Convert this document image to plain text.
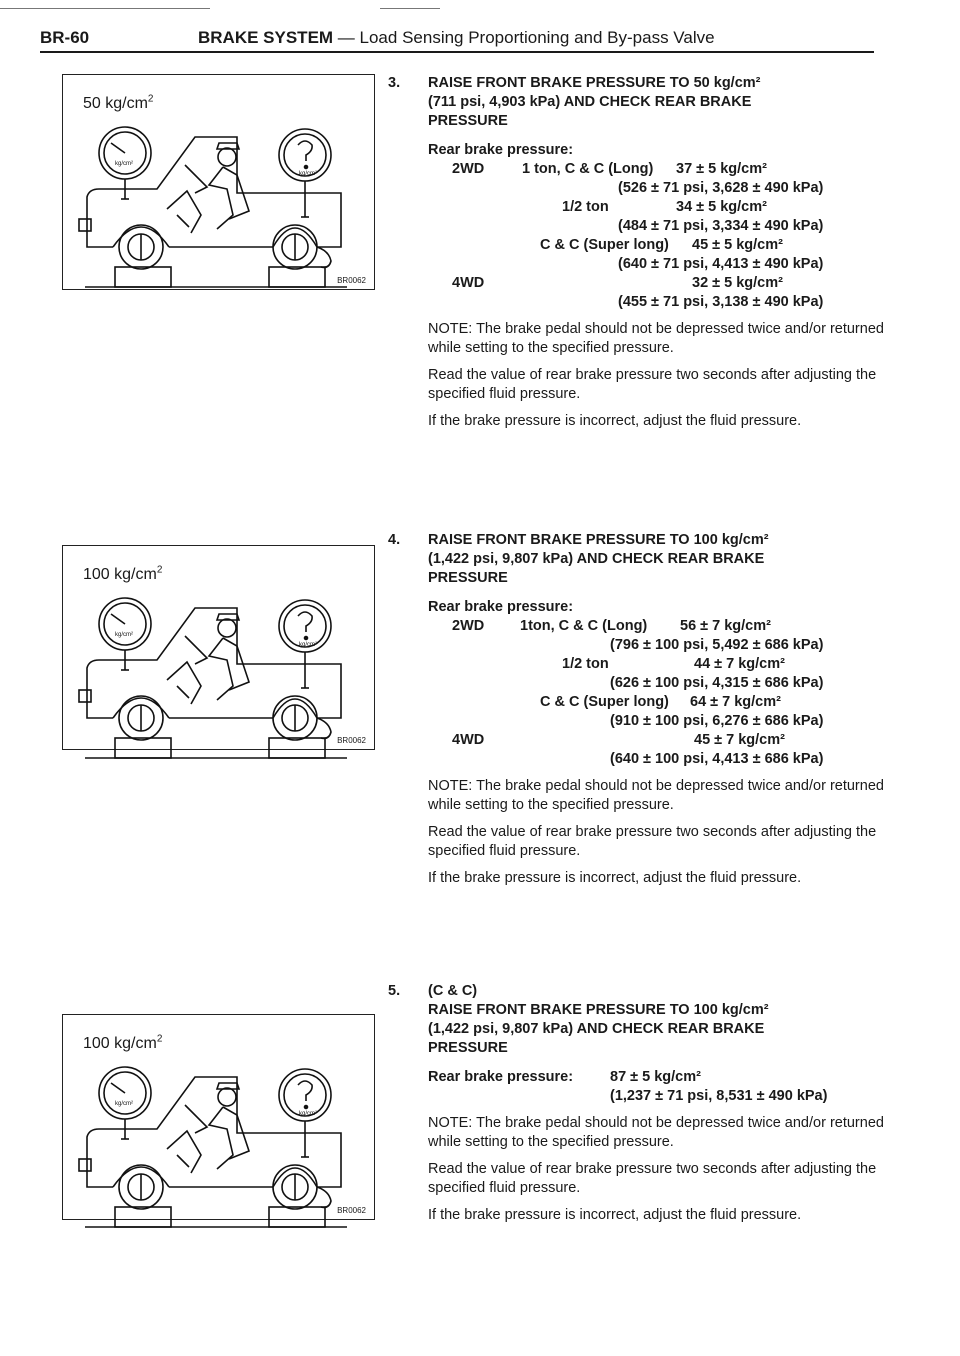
BR-60	BRAKE SYSTEM — Load Sensing Proportioning and By-pass Valve
50 $kg/cm^2$
kg/cm²
kg/cm²
BR0062
100 $kg/cm^2$
kg/cm²
kg/cm²
BR0062
100 $kg/cm^2$
kg/cm²
kg/cm²
BR0062
3. RAISE FRONT BRAKE PRESSURE TO 50 kg/cm²
(711 psi, 4,903 kPa) AND CHECK REAR BRAKE
PRESSURE
Rear brake pressure:
2WD	1 ton, C & C (Long) 37 ± 5 kg/cm²
(526 ± 71 psi, 3,628 ± 490 kPa)
1/2 ton	34 ± 5 kg/cm²
(484 ± 71 psi, 3,334 ± 490 kPa)
C & C (Super long) 45 ± 5 kg/cm²
(640 ± 71 psi, 4,413 ± 490 kPa)
4WD	32 ± 5 kg/cm²
(455 ± 71 psi, 3,138 ± 490 kPa)
NOTE: The brake pedal should not be depressed twice and/or returned while setting to the specified pressure.
Read the value of rear brake pressure two seconds after adjusting the specified fluid pressure.
If the brake pressure is incorrect, adjust the fluid pressure.
4. RAISE FRONT BRAKE PRESSURE TO 100 kg/cm²
(1,422 psi, 9,807 kPa) AND CHECK REAR BRAKE
PRESSURE
Rear brake pressure:
2WD 1ton, C & C (Long) 56 ± 7 kg/cm²
(796 ± 100 psi, 5,492 ± 686 kPa)
1/2 ton	44 ± 7 kg/cm²
(626 ± 100 psi, 4,315 ± 686 kPa)
C & C (Super long) 64 ± 7 kg/cm²
(910 ± 100 psi, 6,276 ± 686 kPa)
4WD	45 ± 7 kg/cm²
(640 ± 100 psi, 4,413 ± 686 kPa)
NOTE: The brake pedal should not be depressed twice and/or returned while setting to the specified pressure.
Read the value of rear brake pressure two seconds after adjusting the specified fluid pressure.
If the brake pressure is incorrect, adjust the fluid pressure.
5. (C & C)
RAISE FRONT BRAKE PRESSURE TO 100 kg/cm²
(1,422 psi, 9,807 kPa) AND CHECK REAR BRAKE
PRESSURE
Rear brake pressure:	87 ± 5 kg/cm²
(1,237 ± 71 psi, 8,531 ± 490 kPa)
NOTE: The brake pedal should not be depressed twice and/or returned while setting to the specified pressure.
Read the value of rear brake pressure two seconds after adjusting the specified fluid pressure.
If the brake pressure is incorrect, adjust the fluid pressure.
